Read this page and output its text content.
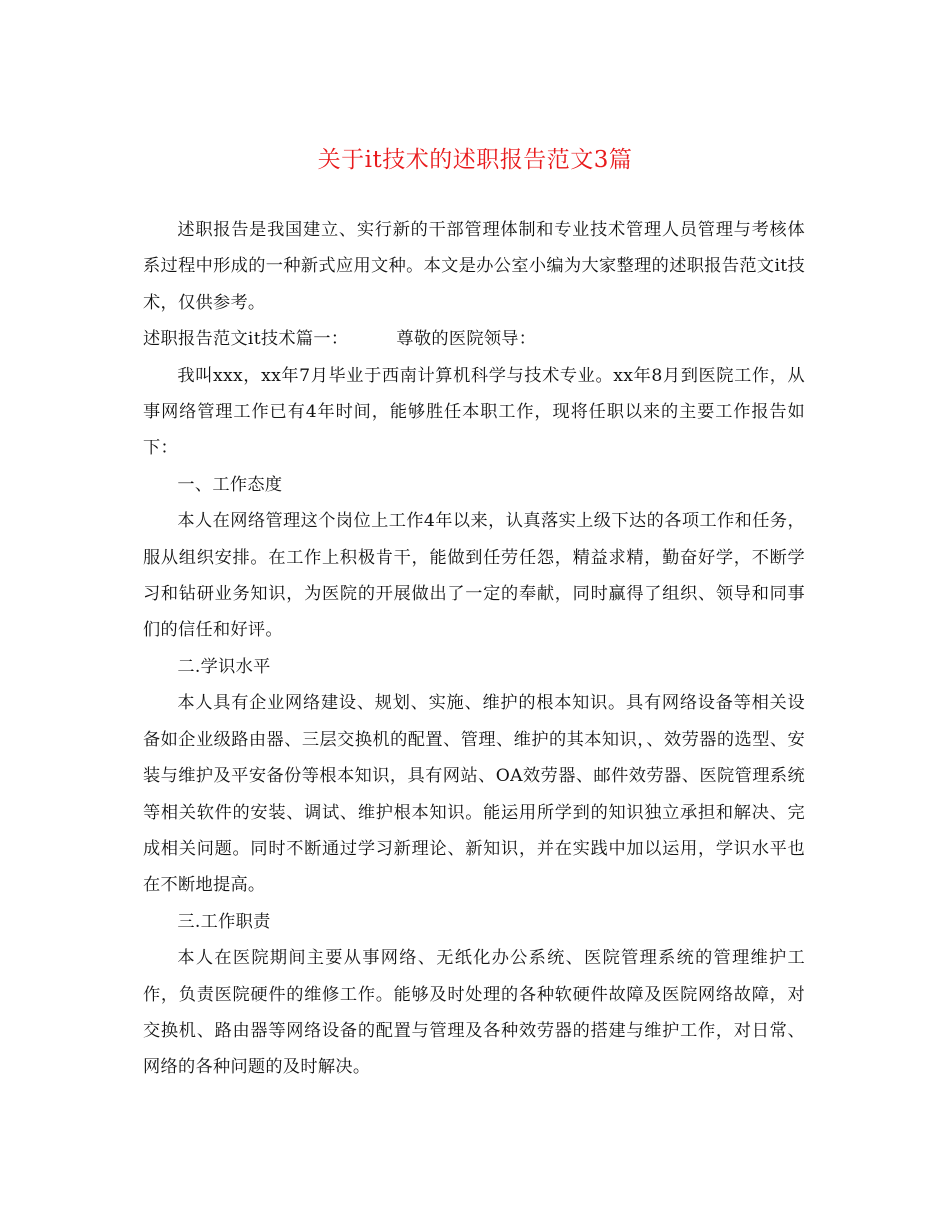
关于it技术的述职报告范文3篇

述职报告是我国建立、实行新的干部管理体制和专业技术管理人员管理与考核体系过程中形成的一种新式应用文种。本文是办公室小编为大家整理的述职报告范文it技术，仅供参考。

述职报告范文it技术篇一：	尊敬的医院领导：

我叫xxx，xx年7月毕业于西南计算机科学与技术专业。xx年8月到医院工作，从事网络管理工作已有4年时间，能够胜任本职工作，现将任职以来的主要工作报告如下：

一、工作态度

本人在网络管理这个岗位上工作4年以来，认真落实上级下达的各项工作和任务，服从组织安排。在工作上积极肯干，能做到任劳任怨，精益求精，勤奋好学，不断学习和钻研业务知识，为医院的开展做出了一定的奉献，同时赢得了组织、领导和同事们的信任和好评。

二.学识水平

本人具有企业网络建设、规划、实施、维护的根本知识。具有网络设备等相关设备如企业级路由器、三层交换机的配置、管理、维护的其本知识，、效劳器的选型、安装与维护及平安备份等根本知识，具有网站、OA效劳器、邮件效劳器、医院管理系统等相关软件的安装、调试、维护根本知识。能运用所学到的知识独立承担和解决、完成相关问题。同时不断通过学习新理论、新知识，并在实践中加以运用，学识水平也在不断地提高。

三.工作职责

本人在医院期间主要从事网络、无纸化办公系统、医院管理系统的管理维护工作，负责医院硬件的维修工作。能够及时处理的各种软硬件故障及医院网络故障，对交换机、路由器等网络设备的配置与管理及各种效劳器的搭建与维护工作，对日常、网络的各种问题的及时解决。
